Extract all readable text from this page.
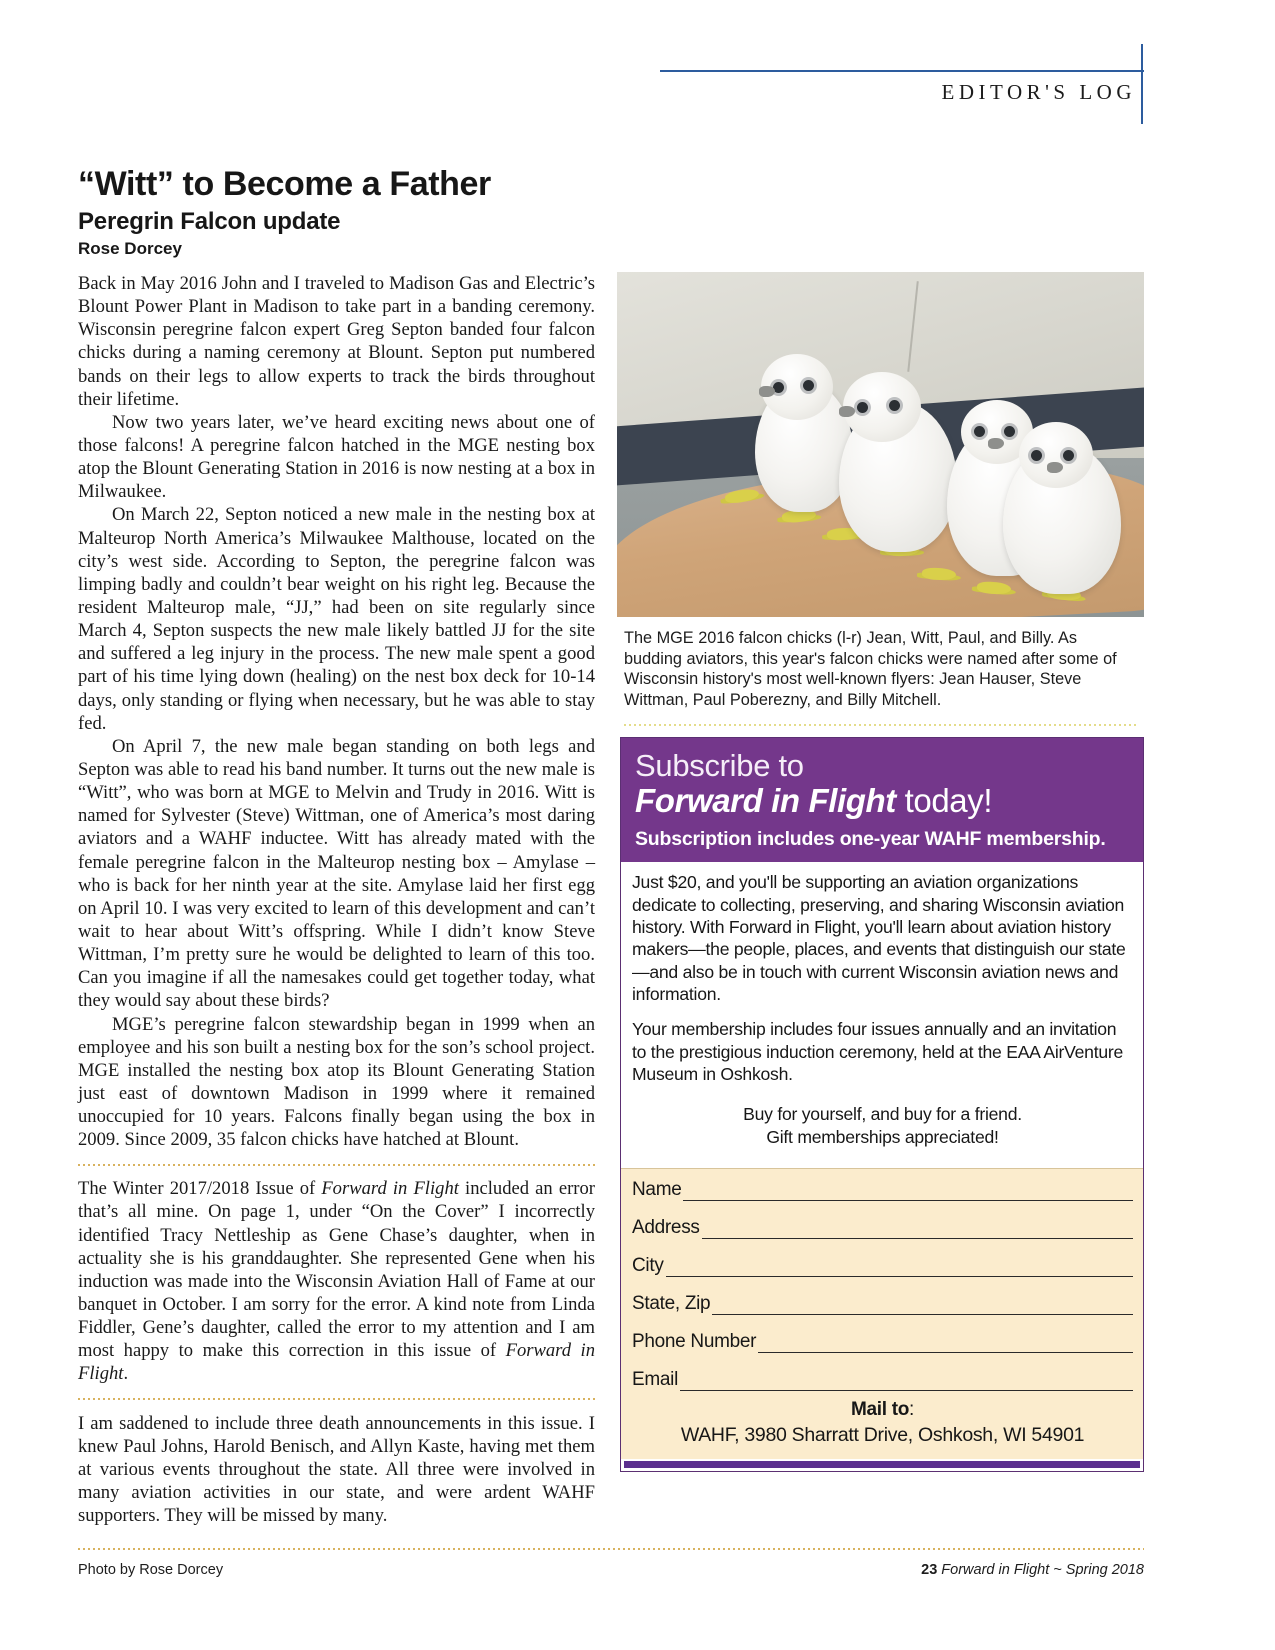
EDITOR'S LOG
“Witt” to Become a Father
Peregrin Falcon update
Rose Dorcey

Back in May 2016 John and I traveled to Madison Gas and Electric’s Blount Power Plant in Madison to take part in a banding ceremony. Wisconsin peregrine falcon expert Greg Septon banded four falcon chicks during a naming ceremony at Blount. Septon put numbered bands on their legs to allow experts to track the birds throughout their lifetime.

Now two years later, we’ve heard exciting news about one of those falcons! A peregrine falcon hatched in the MGE nesting box atop the Blount Generating Station in 2016 is now nesting at a box in Milwaukee.

On March 22, Septon noticed a new male in the nesting box at Malteurop North America’s Milwaukee Malthouse, located on the city’s west side. According to Septon, the peregrine falcon was limping badly and couldn’t bear weight on his right leg. Because the resident Malteurop male, “JJ,” had been on site regularly since March 4, Septon suspects the new male likely battled JJ for the site and suffered a leg injury in the process. The new male spent a good part of his time lying down (healing) on the nest box deck for 10-14 days, only standing or flying when necessary, but he was able to stay fed.

On April 7, the new male began standing on both legs and Septon was able to read his band number. It turns out the new male is “Witt”, who was born at MGE to Melvin and Trudy in 2016. Witt is named for Sylvester (Steve) Wittman, one of America’s most daring aviators and a WAHF inductee. Witt has already mated with the female peregrine falcon in the Malteurop nesting box – Amylase – who is back for her ninth year at the site. Amylase laid her first egg on April 10. I was very excited to learn of this development and can’t wait to hear about Witt’s offspring. While I didn’t know Steve Wittman, I’m pretty sure he would be delighted to learn of this too. Can you imagine if all the namesakes could get together today, what they would say about these birds?

MGE’s peregrine falcon stewardship began in 1999 when an employee and his son built a nesting box for the son’s school project. MGE installed the nesting box atop its Blount Generating Station just east of downtown Madison in 1999 where it remained unoccupied for 10 years. Falcons finally began using the box in 2009. Since 2009, 35 falcon chicks have hatched at Blount.

The Winter 2017/2018 Issue of Forward in Flight included an error that’s all mine. On page 1, under “On the Cover” I incorrectly identified Tracy Nettleship as Gene Chase’s daughter, when in actuality she is his granddaughter. She represented Gene when his induction was made into the Wisconsin Aviation Hall of Fame at our banquet in October. I am sorry for the error. A kind note from Linda Fiddler, Gene’s daughter, called the error to my attention and I am most happy to make this correction in this issue of Forward in Flight.

I am saddened to include three death announcements in this issue. I knew Paul Johns, Harold Benisch, and Allyn Kaste, having met them at various events throughout the state. All three were involved in many aviation activities in our state, and were ardent WAHF supporters. They will be missed by many.

The MGE 2016 falcon chicks (l-r) Jean, Witt, Paul, and Billy. As budding aviators, this year's falcon chicks were named after some of Wisconsin history's most well-known flyers: Jean Hauser, Steve Wittman, Paul Poberezny, and Billy Mitchell.
Subscribe to
Forward in Flight today!
Subscription includes one-year WAHF membership.

Just $20, and you'll be supporting an aviation organizations dedicate to collecting, preserving, and sharing Wisconsin aviation history. With Forward in Flight, you'll learn about aviation history makers—the people, places, and events that distinguish our state—and also be in touch with current Wisconsin aviation news and information.

Your membership includes four issues annually and an invitation to the prestigious induction ceremony, held at the EAA AirVenture Museum in Oshkosh.

Buy for yourself, and buy for a friend.
Gift memberships appreciated!

Name
Address
City
State, Zip
Phone Number
Email
Mail to:
WAHF, 3980 Sharratt Drive, Oshkosh, WI 54901
Photo by Rose Dorcey	23 Forward in Flight ~ Spring 2018
